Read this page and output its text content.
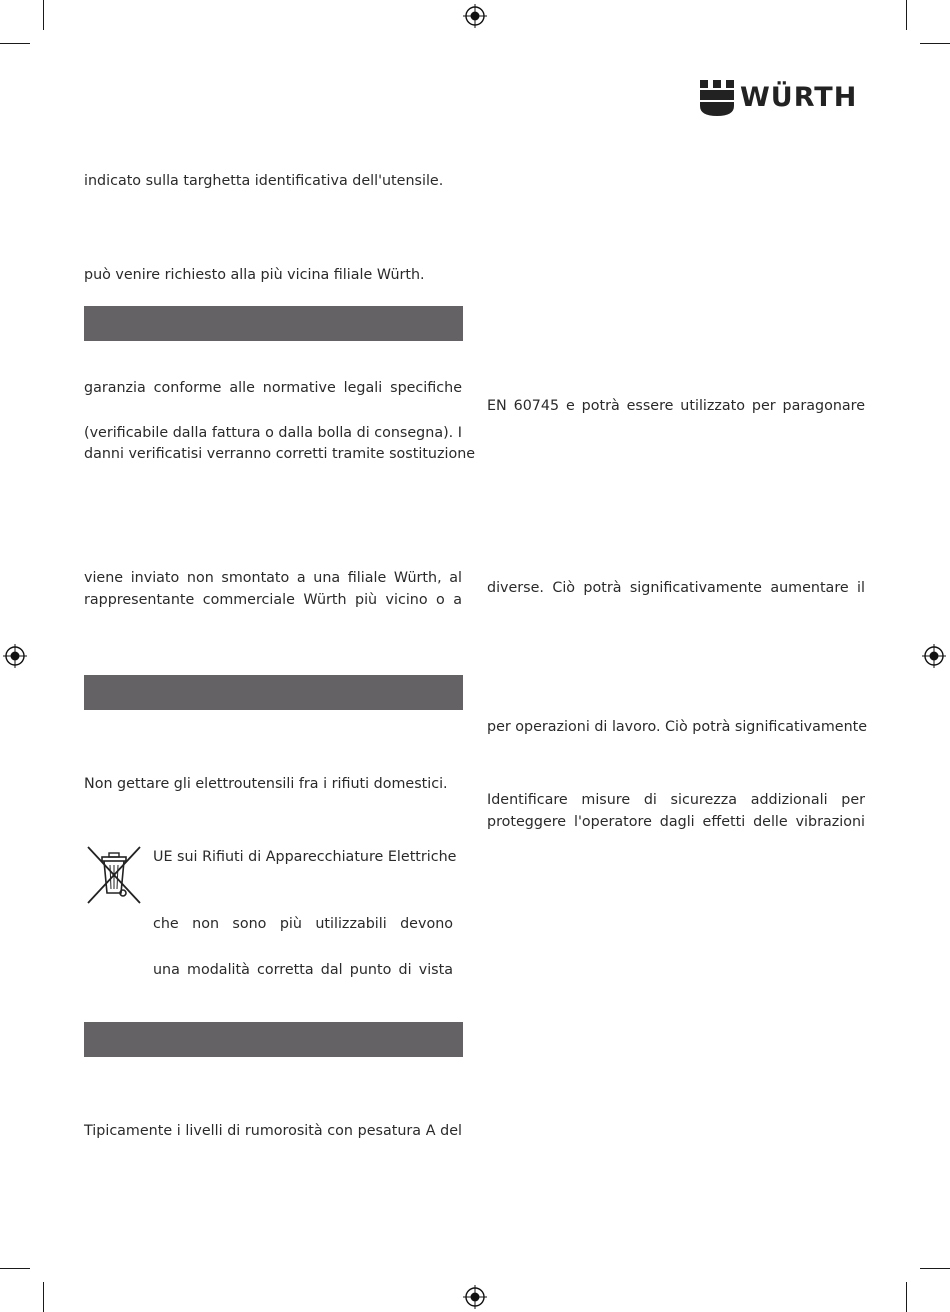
WÜRTH
indicato sulla targhetta identificativa dell'utensile.
può venire richiesto alla più vicina filiale Würth.
garanzia conforme alle normative legali specifiche
(verificabile dalla fattura o dalla bolla di consegna). I
danni verificatisi verranno corretti tramite sostituzione
viene inviato non smontato a una filiale Würth, al
rappresentante commerciale Würth più vicino o a
Non gettare gli elettroutensili fra i rifiuti domestici.
UE sui Rifiuti di Apparecchiature Elettriche
che non sono più utilizzabili devono
una modalità corretta dal punto di vista
Tipicamente i livelli di rumorosità con pesatura A del
EN 60745 e potrà essere utilizzato per paragonare
diverse. Ciò potrà significativamente aumentare il
per operazioni di lavoro. Ciò potrà significativamente
Identificare misure di sicurezza addizionali per
proteggere l'operatore dagli effetti delle vibrazioni
